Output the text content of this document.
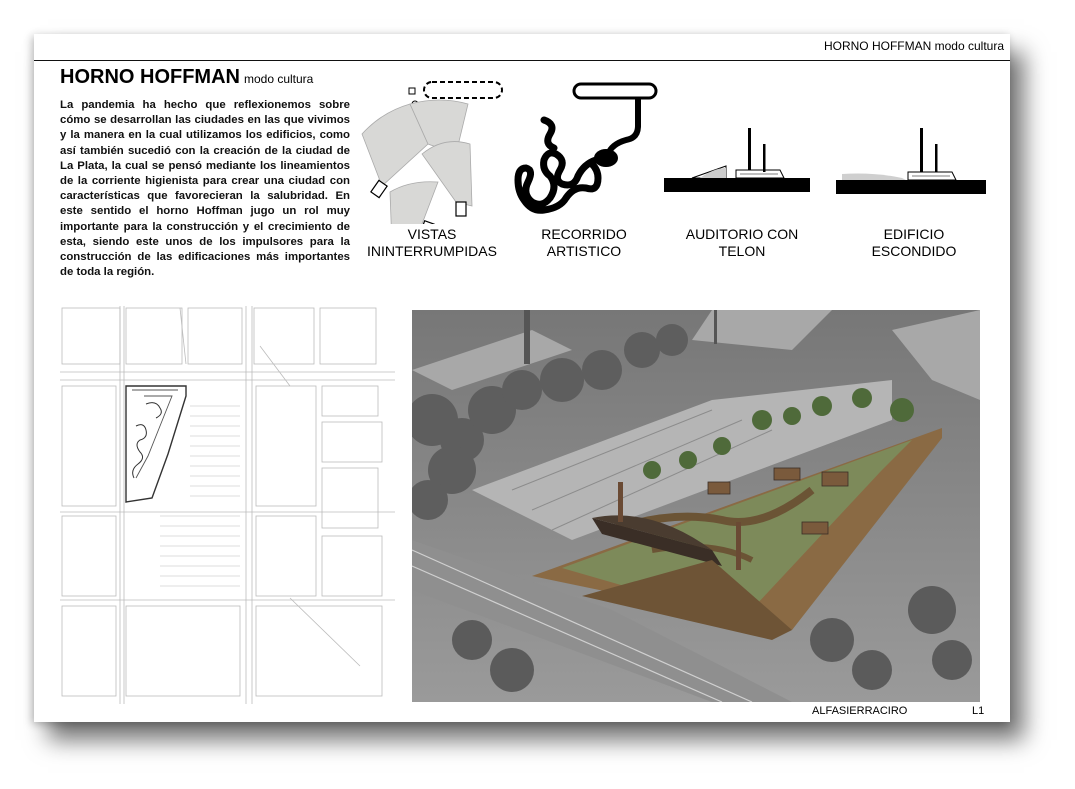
HORNO HOFFMAN modo cultura
HORNO HOFFMAN modo cultura
La pandemia ha hecho que reflexionemos sobre cómo se desarrollan las ciudades en las que vivimos y la manera en la cual utilizamos los edificios, como así también sucedió con la creación de la ciudad de La Plata, la cual se pensó mediante los lineamientos de la corriente higienista para crear una ciudad con características que favorecieran la salubridad. En este sentido el horno Hoffman jugo un rol muy importante para la construcción y el crecimiento de esta, siendo este unos de los impulsores para la construcción de las edificaciones más importantes de toda la región.
VISTAS
ININTERRUMPIDAS
RECORRIDO
ARTISTICO
AUDITORIO CON
TELON
EDIFICIO
ESCONDIDO
ALFASIERRACIRO	L1
